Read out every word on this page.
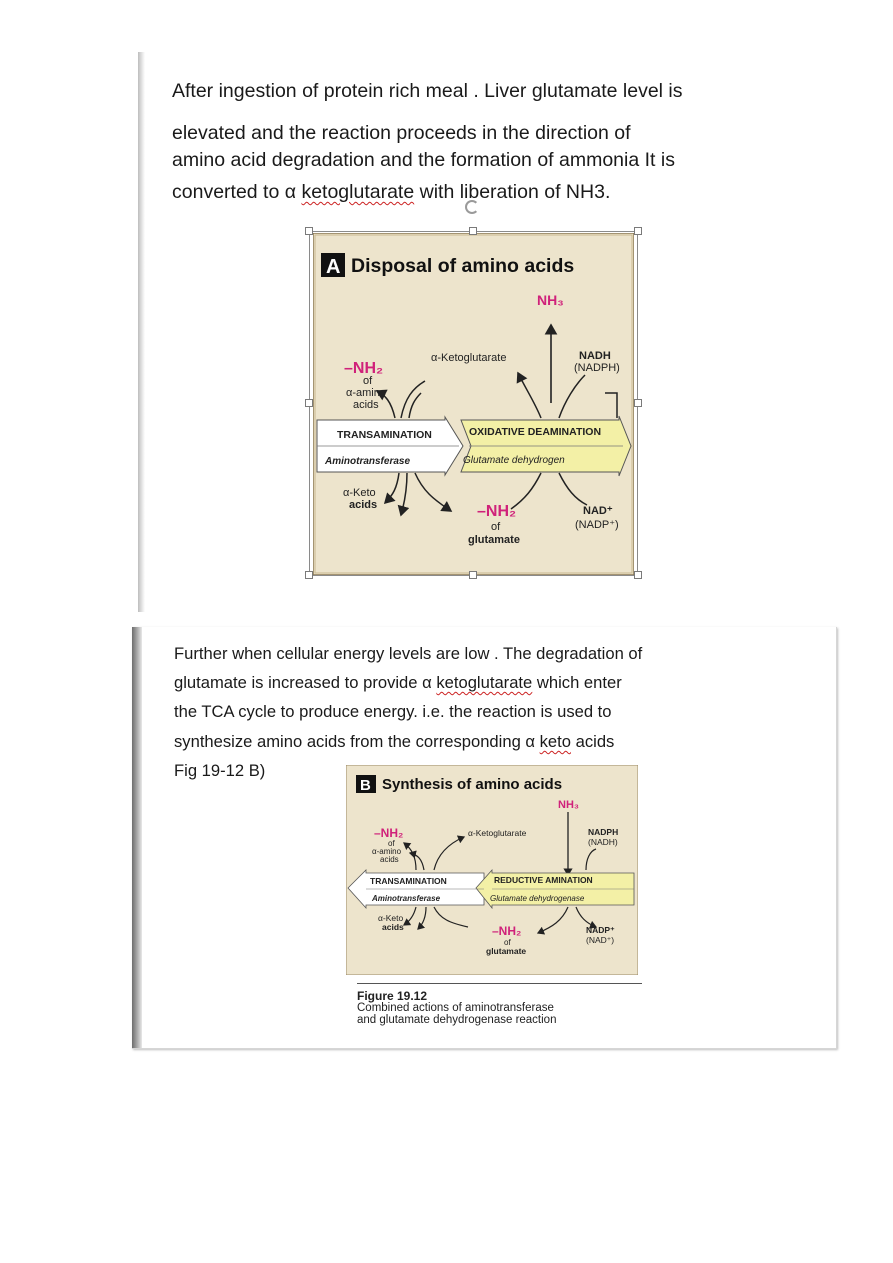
After ingestion of protein rich meal . Liver glutamate level is
elevated and the reaction proceeds in the direction of
amino acid degradation and the formation of ammonia It is
converted to α ketoglutarate with liberation of NH3.
A Disposal of amino acids
NH₃
–NH₂
of
α-amino
acids
α-Ketoglutarate	NADH
(NADPH)
TRANSAMINATION
Aminotransferase
OXIDATIVE DEAMINATION
Glutamate dehydrogen
α-Keto
acids	–NH₂
of
glutamate
NAD⁺
(NADP⁺)
Further when cellular energy levels are low . The degradation of
glutamate is increased to provide α ketoglutarate which enter
the TCA cycle to produce energy. i.e. the reaction is used to
synthesize amino acids from the corresponding α keto acids
Fig 19-12 B)
B Synthesis of amino acids
NH₃
–NH₂
of
α-amino
acids
α-Ketoglutarate	NADPH
(NADH)
TRANSAMINATION
Aminotransferase
REDUCTIVE AMINATION
Glutamate dehydrogenase
α-Keto
acids	–NH₂
of
glutamate
NADP⁺
(NAD⁺)
Figure 19.12
Combined actions of aminotransferase
and glutamate dehydrogenase reaction
